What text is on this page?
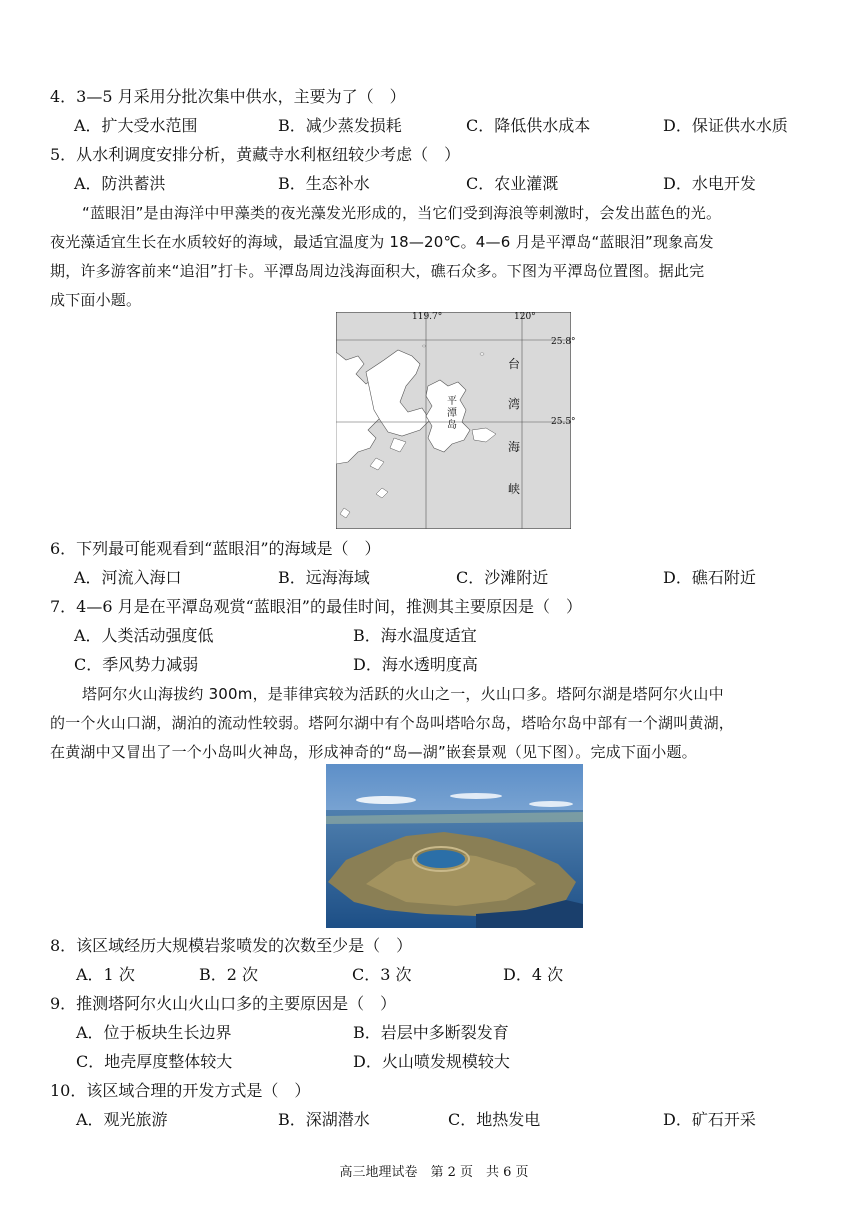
4．3—5 月采用分批次集中供水，主要为了（　）
A．扩大受水范围	B．减少蒸发损耗	C．降低供水成本	D．保证供水水质
5．从水利调度安排分析，黄藏寺水利枢纽较少考虑（　）
A．防洪蓄洪	B．生态补水	C．农业灌溉	D．水电开发
“蓝眼泪”是由海洋中甲藻类的夜光藻发光形成的，当它们受到海浪等刺激时，会发出蓝色的光。
夜光藻适宜生长在水质较好的海域，最适宜温度为 18—20℃。4—6 月是平潭岛“蓝眼泪”现象高发
期，许多游客前来“追泪”打卡。平潭岛周边浅海面积大，礁石众多。下图为平潭岛位置图。据此完
成下面小题。
119.7°	120°
25.8°
25.5°
平
潭
岛
台
湾
海
峡
6．下列最可能观看到“蓝眼泪”的海域是（　）
A．河流入海口	B．远海海域	C．沙滩附近	D．礁石附近
7．4—6 月是在平潭岛观赏“蓝眼泪”的最佳时间，推测其主要原因是（　）
A．人类活动强度低	B．海水温度适宜
C．季风势力减弱	D．海水透明度高
塔阿尔火山海拔约 300m，是菲律宾较为活跃的火山之一，火山口多。塔阿尔湖是塔阿尔火山中
的一个火山口湖，湖泊的流动性较弱。塔阿尔湖中有个岛叫塔哈尔岛，塔哈尔岛中部有一个湖叫黄湖，
在黄湖中又冒出了一个小岛叫火神岛，形成神奇的“岛—湖”嵌套景观（见下图）。完成下面小题。
8．该区域经历大规模岩浆喷发的次数至少是（　）
A．1 次	B．2 次	C．3 次	D．4 次
9．推测塔阿尔火山火山口多的主要原因是（　）
A．位于板块生长边界	B．岩层中多断裂发育
C．地壳厚度整体较大	D．火山喷发规模较大
10．该区域合理的开发方式是（　）
A．观光旅游	B．深湖潜水	C．地热发电	D．矿石开采
高三地理试卷　第 2 页　共 6 页
